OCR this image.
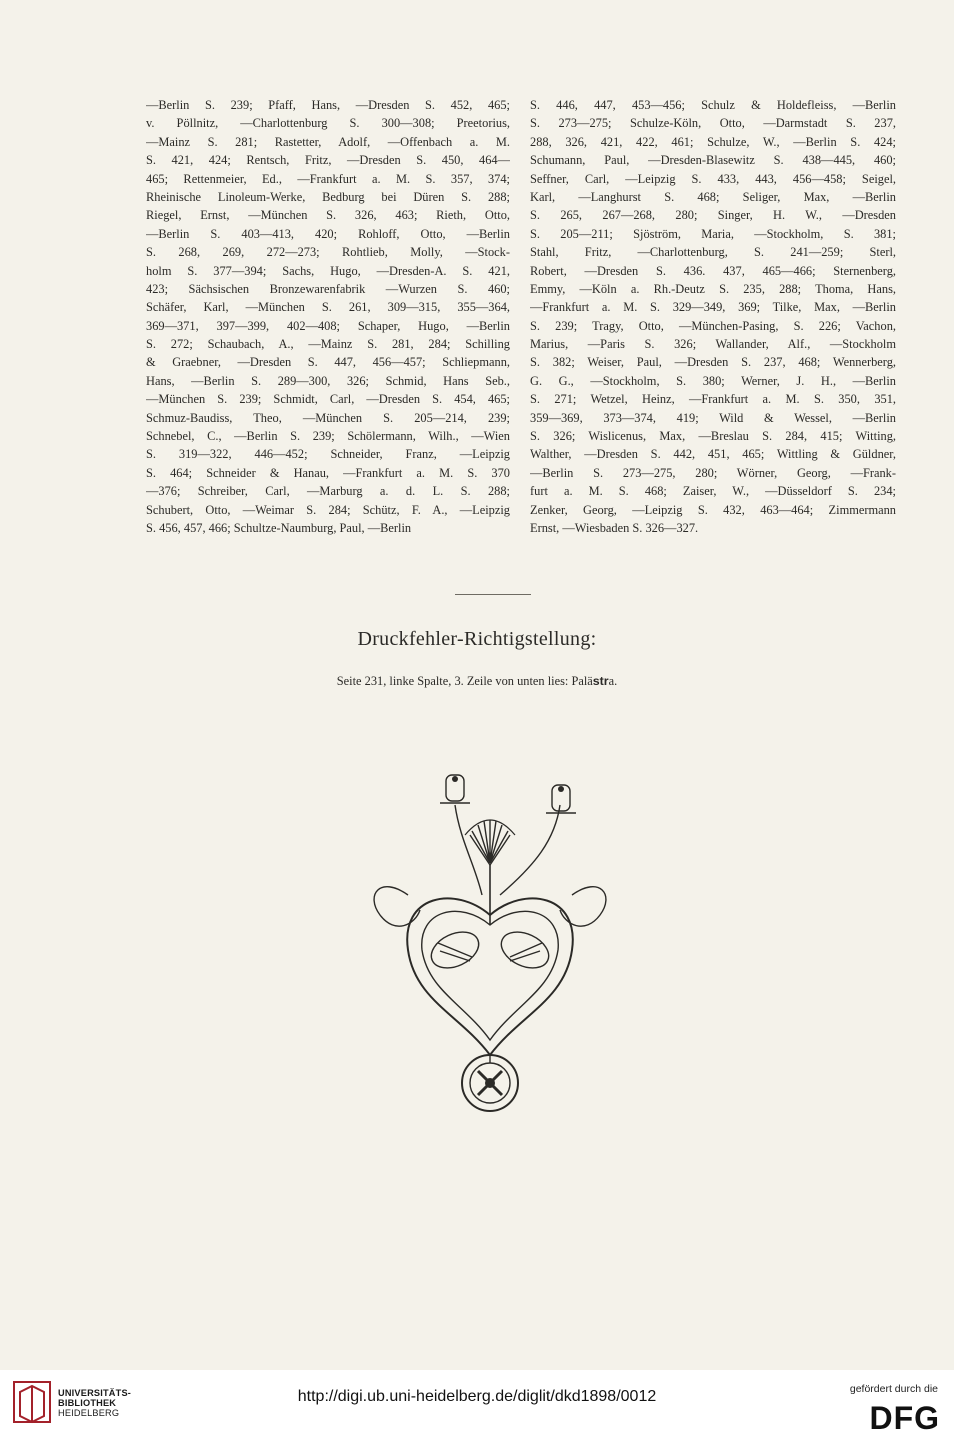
—Berlin S. 239; Pfaff, Hans, —Dresden S. 452, 465;
v. Pöllnitz, —Charlottenburg S. 300—308; Preetorius,
—Mainz S. 281; Rastetter, Adolf, —Offenbach a. M.
S. 421, 424; Rentsch, Fritz, —Dresden S. 450, 464—
465; Rettenmeier, Ed., —Frankfurt a. M. S. 357, 374;
Rheinische Linoleum-Werke, Bedburg bei Düren S. 288;
Riegel, Ernst, —München S. 326, 463; Rieth, Otto,
—Berlin S. 403—413, 420; Rohloff, Otto, —Berlin
S. 268, 269, 272—273; Rohtlieb, Molly, —Stock-
holm S. 377—394; Sachs, Hugo, —Dresden-A. S. 421,
423; Sächsischen Bronzewarenfabrik —Wurzen S. 460;
Schäfer, Karl, —München S. 261, 309—315, 355—364,
369—371, 397—399, 402—408; Schaper, Hugo, —Berlin
S. 272; Schaubach, A., —Mainz S. 281, 284; Schilling
& Graebner, —Dresden S. 447, 456—457; Schliepmann,
Hans, —Berlin S. 289—300, 326; Schmid, Hans Seb.,
—München S. 239; Schmidt, Carl, —Dresden S. 454, 465;
Schmuz-Baudiss, Theo, —München S. 205—214, 239;
Schnebel, C., —Berlin S. 239; Schölermann, Wilh., —Wien
S. 319—322, 446—452; Schneider, Franz, —Leipzig
S. 464; Schneider & Hanau, —Frankfurt a. M. S. 370
—376; Schreiber, Carl, —Marburg a. d. L. S. 288;
Schubert, Otto, —Weimar S. 284; Schütz, F. A., —Leipzig
S. 456, 457, 466; Schultze-Naumburg, Paul, —Berlin
S. 446, 447, 453—456; Schulz & Holdefleiss, —Berlin
S. 273—275; Schulze-Köln, Otto, —Darmstadt S. 237,
288, 326, 421, 422, 461; Schulze, W., —Berlin S. 424;
Schumann, Paul, —Dresden-Blasewitz S. 438—445, 460;
Seffner, Carl, —Leipzig S. 433, 443, 456—458; Seigel,
Karl, —Langhurst S. 468; Seliger, Max, —Berlin
S. 265, 267—268, 280; Singer, H. W., —Dresden
S. 205—211; Sjöström, Maria, —Stockholm, S. 381;
Stahl, Fritz, —Charlottenburg, S. 241—259; Sterl,
Robert, —Dresden S. 436. 437, 465—466; Sternenberg,
Emmy, —Köln a. Rh.-Deutz S. 235, 288; Thoma, Hans,
—Frankfurt a. M. S. 329—349, 369; Tilke, Max, —Berlin
S. 239; Tragy, Otto, —München-Pasing, S. 226; Vachon,
Marius, —Paris S. 326; Wallander, Alf., —Stockholm
S. 382; Weiser, Paul, —Dresden S. 237, 468; Wennerberg,
G. G., —Stockholm, S. 380; Werner, J. H., —Berlin
S. 271; Wetzel, Heinz, —Frankfurt a. M. S. 350, 351,
359—369, 373—374, 419; Wild & Wessel, —Berlin
S. 326; Wislicenus, Max, —Breslau S. 284, 415; Witting,
Walther, —Dresden S. 442, 451, 465; Wittling & Güldner,
—Berlin S. 273—275, 280; Wörner, Georg, —Frank-
furt a. M. S. 468; Zaiser, W., —Düsseldorf S. 234;
Zenker, Georg, —Leipzig S. 432, 463—464; Zimmermann
Ernst, —Wiesbaden S. 326—327.
Druckfehler-Richtigstellung:
Seite 231, linke Spalte, 3. Zeile von unten lies: Palästra.
UNIVERSITÄTS-
BIBLIOTHEK
HEIDELBERG
http://digi.ub.uni-heidelberg.de/diglit/dkd1898/0012	gefördert durch die
DFG
